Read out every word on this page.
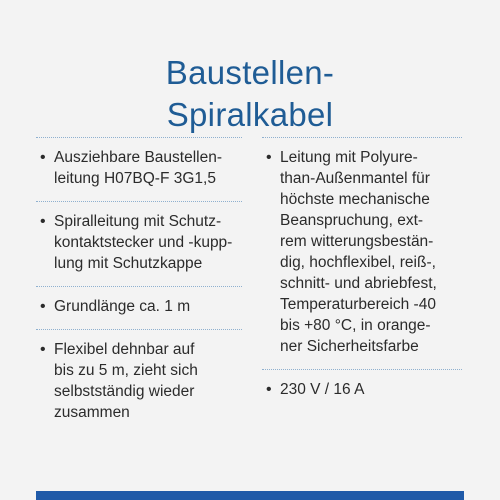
Baustellen-
Spiralkabel
• Ausziehbare Baustellen-
leitung H07BQ-F 3G1,5
• Spiralleitung mit Schutz-
kontaktstecker und -kupp-
lung mit Schutzkappe
• Grundlänge ca. 1 m
• Flexibel dehnbar auf
bis zu 5 m, zieht sich
selbstständig wieder
zusammen
• Leitung mit Polyure-
than-Außenmantel für
höchste mechanische
Beanspruchung, ext-
rem witterungsbestän-
dig, hochflexibel, reiß-,
schnitt- und abriebfest,
Temperaturbereich -40
bis +80 °C, in orange-
ner Sicherheitsfarbe
• 230 V / 16 A
